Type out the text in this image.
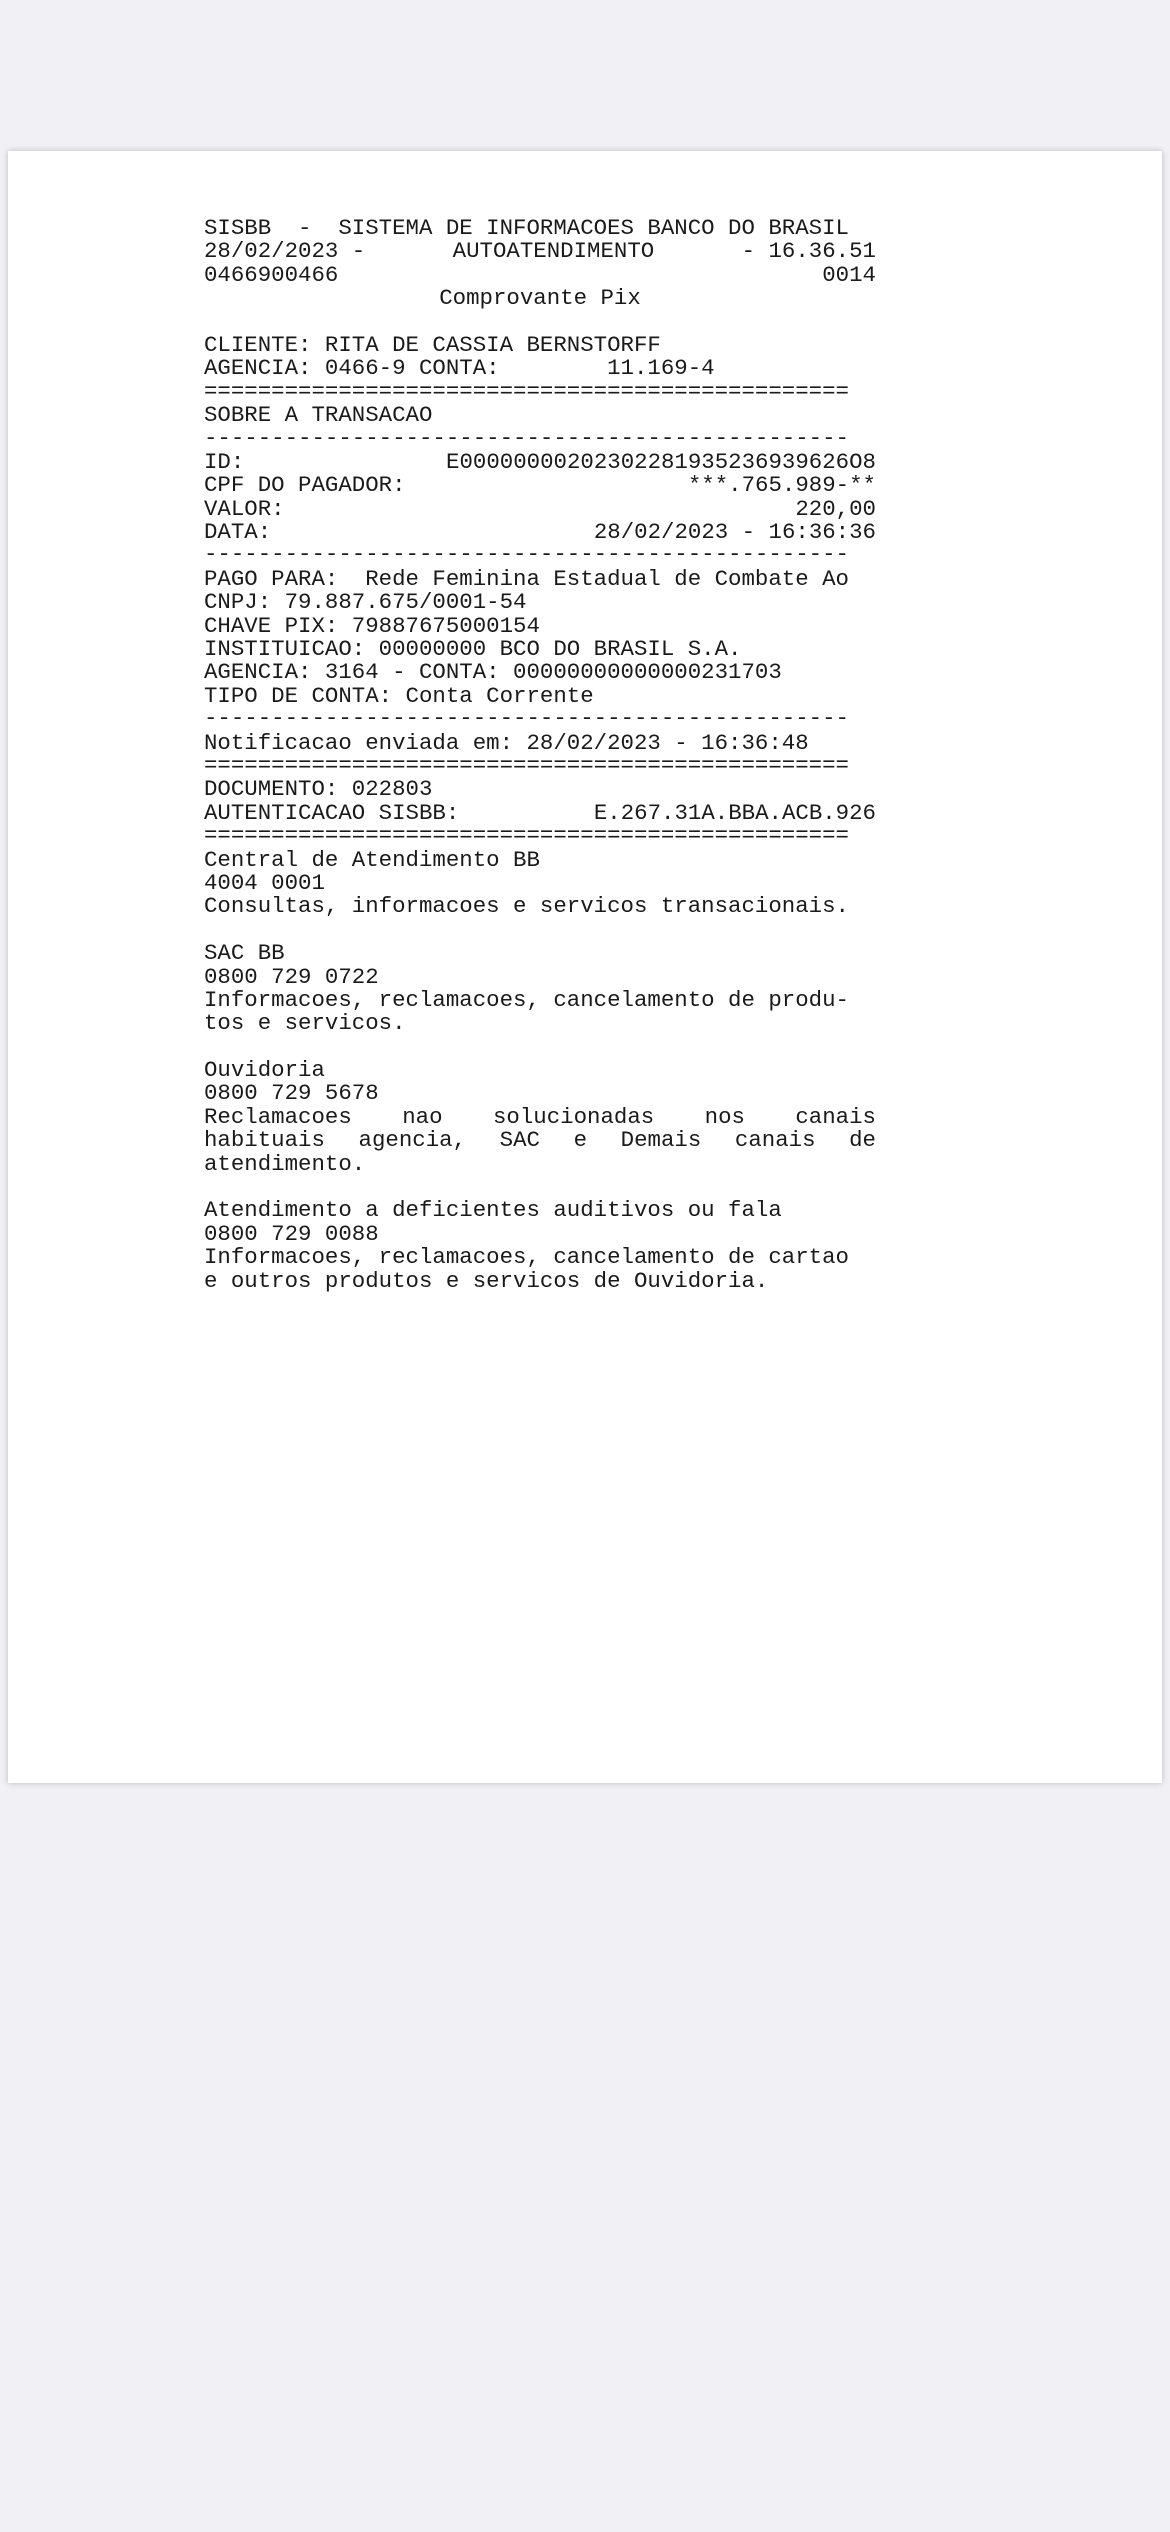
SISBB  -  SISTEMA DE INFORMACOES BANCO DO BRASIL
28/02/2023 -	AUTOATENDIMENTO	- 16.36.51
0466900466	0014
Comprovante Pix
CLIENTE: RITA DE CASSIA BERNSTORFF
AGENCIA: 0466-9 CONTA:        11.169-4
================================================
SOBRE A TRANSACAO
------------------------------------------------
ID:	E00000000202302281935236939626O8
CPF DO PAGADOR:	***.765.989-**
VALOR:	220,00
DATA:	28/02/2023 - 16:36:36
------------------------------------------------
PAGO PARA:  Rede Feminina Estadual de Combate Ao
CNPJ: 79.887.675/0001-54
CHAVE PIX: 79887675000154
INSTITUICAO: 00000000 BCO DO BRASIL S.A.
AGENCIA: 3164 - CONTA: 00000000000000231703
TIPO DE CONTA: Conta Corrente
------------------------------------------------
Notificacao enviada em: 28/02/2023 - 16:36:48
================================================
DOCUMENTO: 022803
AUTENTICACAO SISBB:	E.267.31A.BBA.ACB.926
================================================
Central de Atendimento BB
4004 0001
Consultas, informacoes e servicos transacionais.
SAC BB
0800 729 0722
Informacoes, reclamacoes, cancelamento de produ-
tos e servicos.
Ouvidoria
0800 729 5678
Reclamacoes nao solucionadas nos canais
habituais agencia, SAC e Demais canais de
atendimento.
Atendimento a deficientes auditivos ou fala
0800 729 0088
Informacoes, reclamacoes, cancelamento de cartao
e outros produtos e servicos de Ouvidoria.
